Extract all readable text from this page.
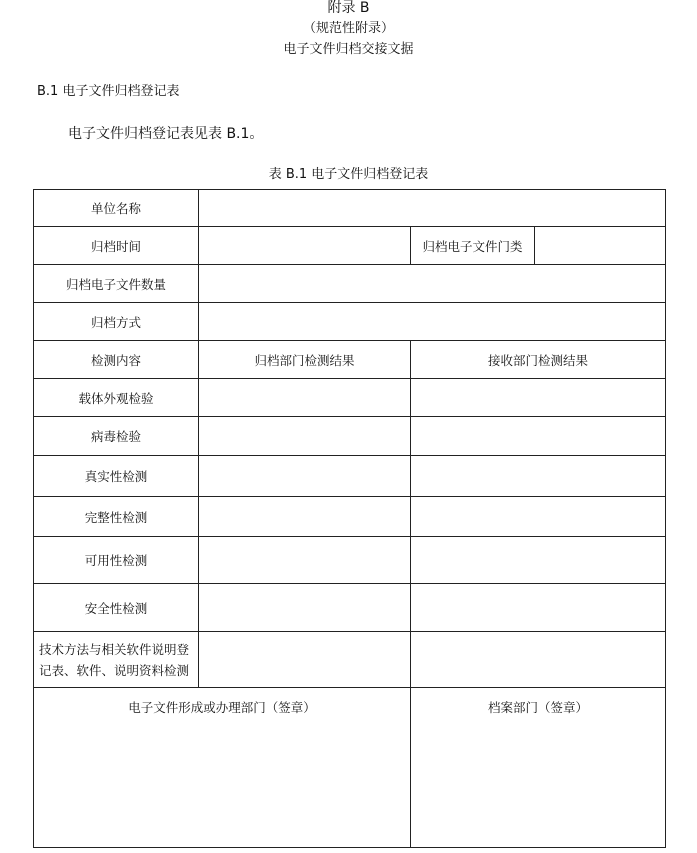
附录 B
（规范性附录）
电子文件归档交接文据
B.1 电子文件归档登记表
电子文件归档登记表见表 B.1。
表 B.1 电子文件归档登记表
单位名称			
归档时间		归档电子文件门类	
归档电子文件数量			
归档方式			
检测内容	归档部门检测结果	接收部门检测结果	
载体外观检验			
病毒检验			
真实性检测			
完整性检测			
可用性检测			
安全性检测			
技术方法与相关软件说明登记表、软件、说明资料检测			
电子文件形成或办理部门（签章）		档案部门（签章）	
